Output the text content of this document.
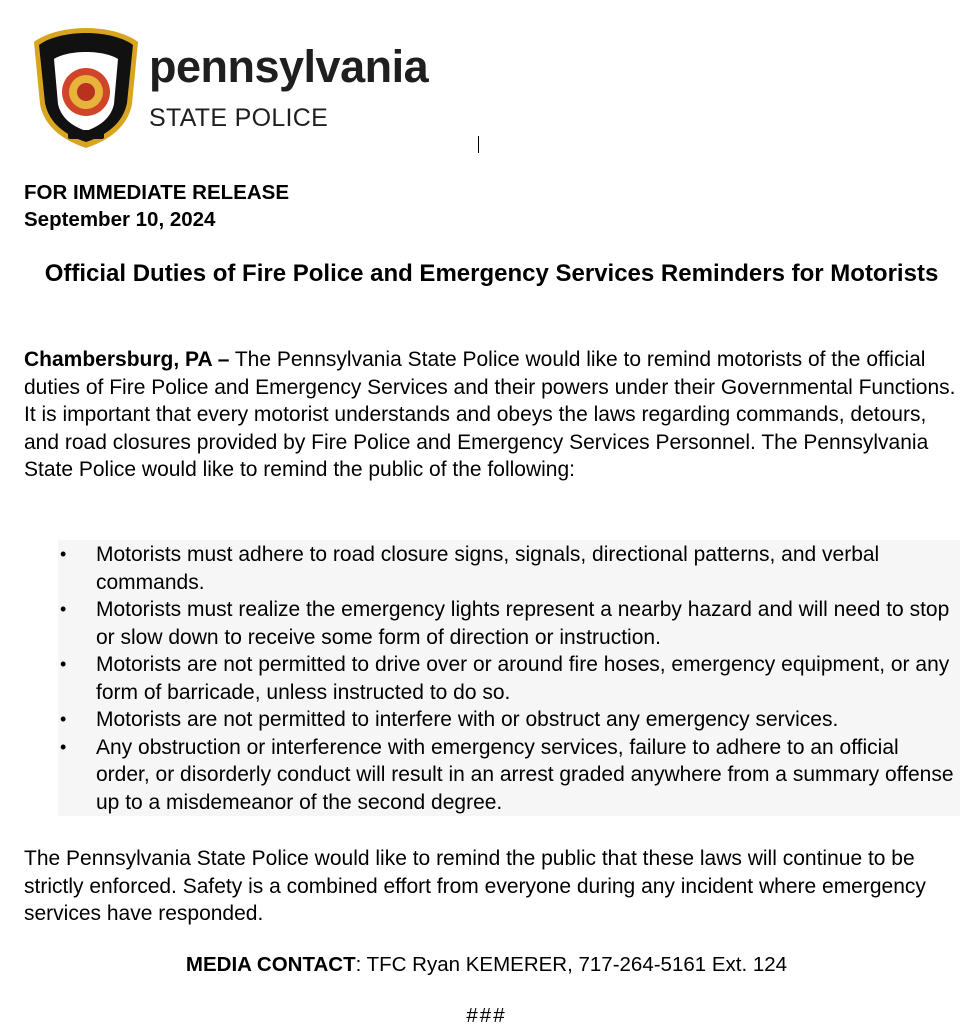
pennsylvania
STATE POLICE
FOR IMMEDIATE RELEASE
September 10, 2024
Official Duties of Fire Police and Emergency Services Reminders for Motorists

Chambersburg, PA – The Pennsylvania State Police would like to remind motorists of the official duties of Fire Police and Emergency Services and their powers under their Governmental Functions. It is important that every motorist understands and obeys the laws regarding commands, detours, and road closures provided by Fire Police and Emergency Services Personnel. The Pennsylvania State Police would like to remind the public of the following:

• Motorists must adhere to road closure signs, signals, directional patterns, and verbal commands.
• Motorists must realize the emergency lights represent a nearby hazard and will need to stop or slow down to receive some form of direction or instruction.
• Motorists are not permitted to drive over or around fire hoses, emergency equipment, or any form of barricade, unless instructed to do so.
• Motorists are not permitted to interfere with or obstruct any emergency services.
• Any obstruction or interference with emergency services, failure to adhere to an official order, or disorderly conduct will result in an arrest graded anywhere from a summary offense up to a misdemeanor of the second degree.

The Pennsylvania State Police would like to remind the public that these laws will continue to be strictly enforced. Safety is a combined effort from everyone during any incident where emergency services have responded.

MEDIA CONTACT: TFC Ryan KEMERER, 717-264-5161 Ext. 124
###
